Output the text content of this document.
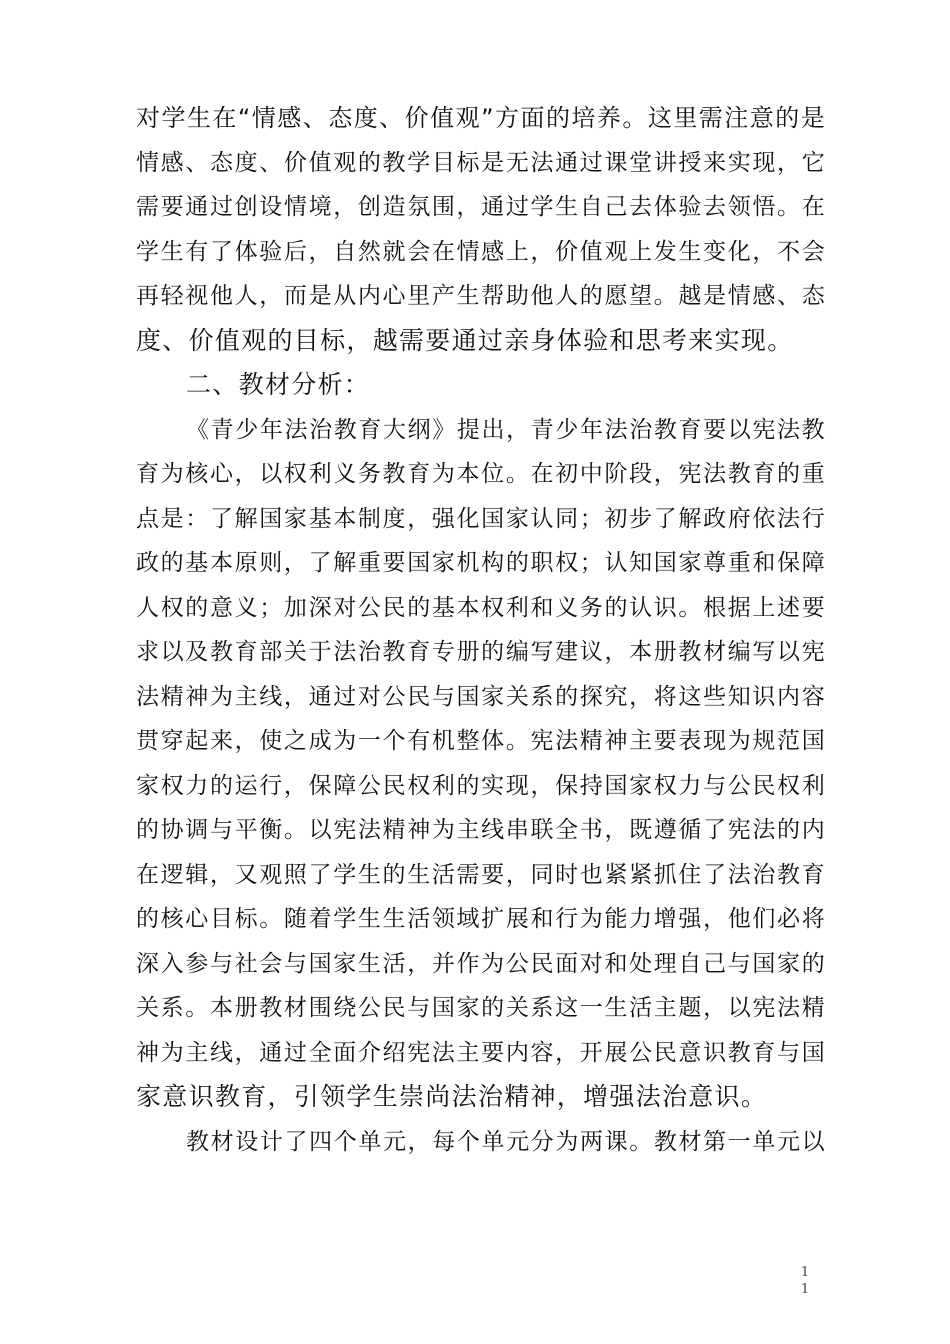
对学生在“情感、态度、价值观”方面的培养。这里需注意的是
情感、态度、价值观的教学目标是无法通过课堂讲授来实现，它
需要通过创设情境，创造氛围，通过学生自己去体验去领悟。在
学生有了体验后，自然就会在情感上，价值观上发生变化，不会
再轻视他人，而是从内心里产生帮助他人的愿望。越是情感、态
度、价值观的目标，越需要通过亲身体验和思考来实现。
二、教材分析：
《青少年法治教育大纲》提出，青少年法治教育要以宪法教
育为核心，以权利义务教育为本位。在初中阶段，宪法教育的重
点是：了解国家基本制度，强化国家认同；初步了解政府依法行
政的基本原则，了解重要国家机构的职权；认知国家尊重和保障
人权的意义；加深对公民的基本权利和义务的认识。根据上述要
求以及教育部关于法治教育专册的编写建议，本册教材编写以宪
法精神为主线，通过对公民与国家关系的探究，将这些知识内容
贯穿起来，使之成为一个有机整体。宪法精神主要表现为规范国
家权力的运行，保障公民权利的实现，保持国家权力与公民权利
的协调与平衡。以宪法精神为主线串联全书，既遵循了宪法的内
在逻辑，又观照了学生的生活需要，同时也紧紧抓住了法治教育
的核心目标。随着学生生活领域扩展和行为能力增强，他们必将
深入参与社会与国家生活，并作为公民面对和处理自己与国家的
关系。本册教材围绕公民与国家的关系这一生活主题，以宪法精
神为主线，通过全面介绍宪法主要内容，开展公民意识教育与国
家意识教育，引领学生崇尚法治精神，增强法治意识。
教材设计了四个单元，每个单元分为两课。教材第一单元以
1
1
